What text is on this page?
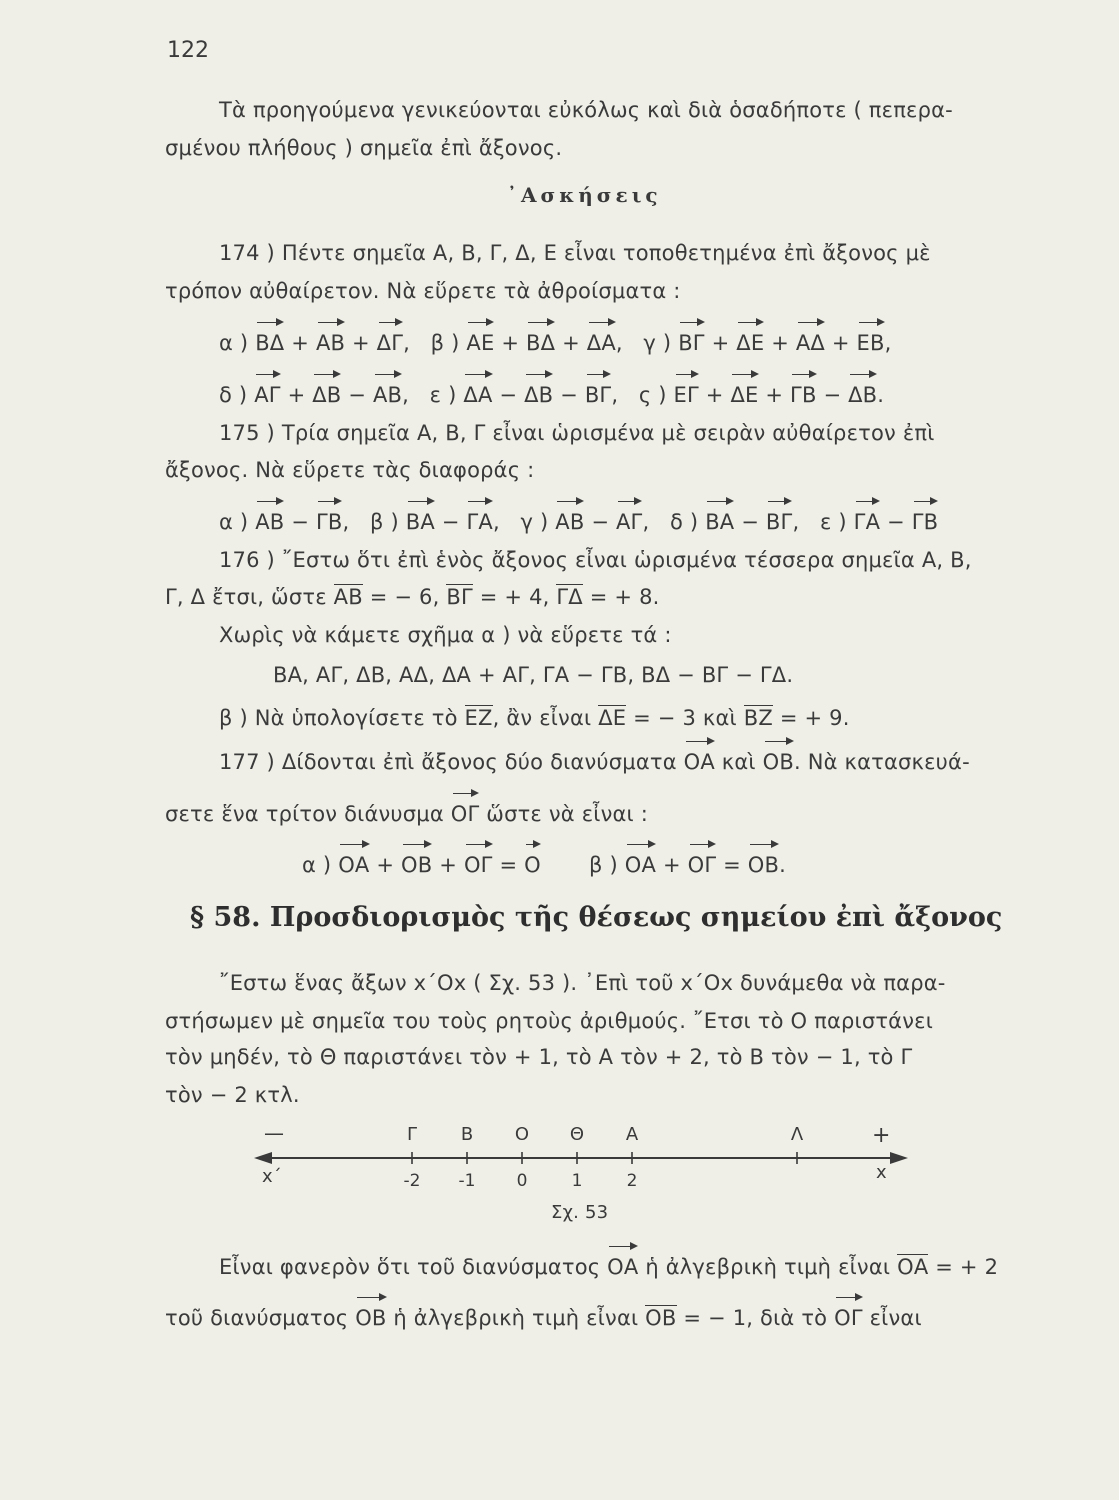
122
Τὰ προηγούμενα γενικεύονται εὐκόλως καὶ διὰ ὁσαδήποτε ( πεπερα-
σμένου πλήθους ) σημεῖα ἐπὶ ἄξονος.
᾿Ασκήσεις
174 ) Πέντε σημεῖα Α, Β, Γ, Δ, Ε εἶναι τοποθετημένα ἐπὶ ἄξονος μὲ
τρόπον αὐθαίρετον. Νὰ εὕρετε τὰ ἀθροίσματα :
α ) ΒΔ + ΑΒ + ΔΓ,   β ) ΑΕ + ΒΔ + ΔΑ,   γ ) ΒΓ + ΔΕ + ΑΔ + ΕΒ,
δ ) ΑΓ + ΔΒ − ΑΒ,   ε ) ΔΑ − ΔΒ − ΒΓ,   ς ) ΕΓ + ΔΕ + ΓΒ − ΔΒ.
175 ) Τρία σημεῖα Α, Β, Γ εἶναι ὡρισμένα μὲ σειρὰν αὐθαίρετον ἐπὶ
ἄξονος. Νὰ εὕρετε τὰς διαφοράς :
α ) ΑΒ − ΓΒ,   β ) ΒΑ − ΓΑ,   γ ) ΑΒ − ΑΓ,   δ ) ΒΑ − ΒΓ,   ε ) ΓΑ − ΓΒ
176 ) ῎Εστω ὅτι ἐπὶ ἑνὸς ἄξονος εἶναι ὡρισμένα τέσσερα σημεῖα Α, Β,
Γ, Δ ἔτσι, ὥστε ΑΒ = − 6, ΒΓ = + 4, ΓΔ = + 8.
Χωρὶς νὰ κάμετε σχῆμα α ) νὰ εὕρετε τά :
ΒΑ, ΑΓ, ΔΒ, ΑΔ, ΔΑ + ΑΓ, ΓΑ − ΓΒ, ΒΔ − ΒΓ − ΓΔ.
β ) Νὰ ὑπολογίσετε τὸ ΕΖ, ἂν εἶναι ΔΕ = − 3 καὶ ΒΖ = + 9.
177 ) Δίδονται ἐπὶ ἄξονος δύο διανύσματα ΟΑ καὶ ΟΒ. Νὰ κατασκευά-
σετε ἕνα τρίτον διάνυσμα ΟΓ ὥστε νὰ εἶναι :
α ) ΟΑ + ΟΒ + ΟΓ = Ο β ) ΟΑ + ΟΓ = ΟΒ.
§ 58. Προσδιορισμὸς τῆς θέσεως σημείου ἐπὶ ἄξονος
῎Εστω ἕνας ἄξων x΄Ox ( Σχ. 53 ). ᾿Επὶ τοῦ x΄Ox δυνάμεθα νὰ παρα-
στήσωμεν μὲ σημεῖα του τοὺς ρητοὺς ἀριθμούς. ῎Ετσι τὸ Ο παριστάνει
τὸν μηδέν, τὸ Θ παριστάνει τὸν + 1, τὸ Α τὸν + 2, τὸ Β τὸν − 1, τὸ Γ
τὸν − 2 κτλ.
—	+
x΄	x
Γ Β Ο Θ Α	Λ
-2 -1 0	1	2
Σχ. 53
Εἶναι φανερὸν ὅτι τοῦ διανύσματος ΟΑ ἡ ἀλγεβρικὴ τιμὴ εἶναι ΟΑ = + 2
τοῦ διανύσματος ΟΒ ἡ ἀλγεβρικὴ τιμὴ εἶναι ΟΒ = − 1, διὰ τὸ ΟΓ εἶναι
